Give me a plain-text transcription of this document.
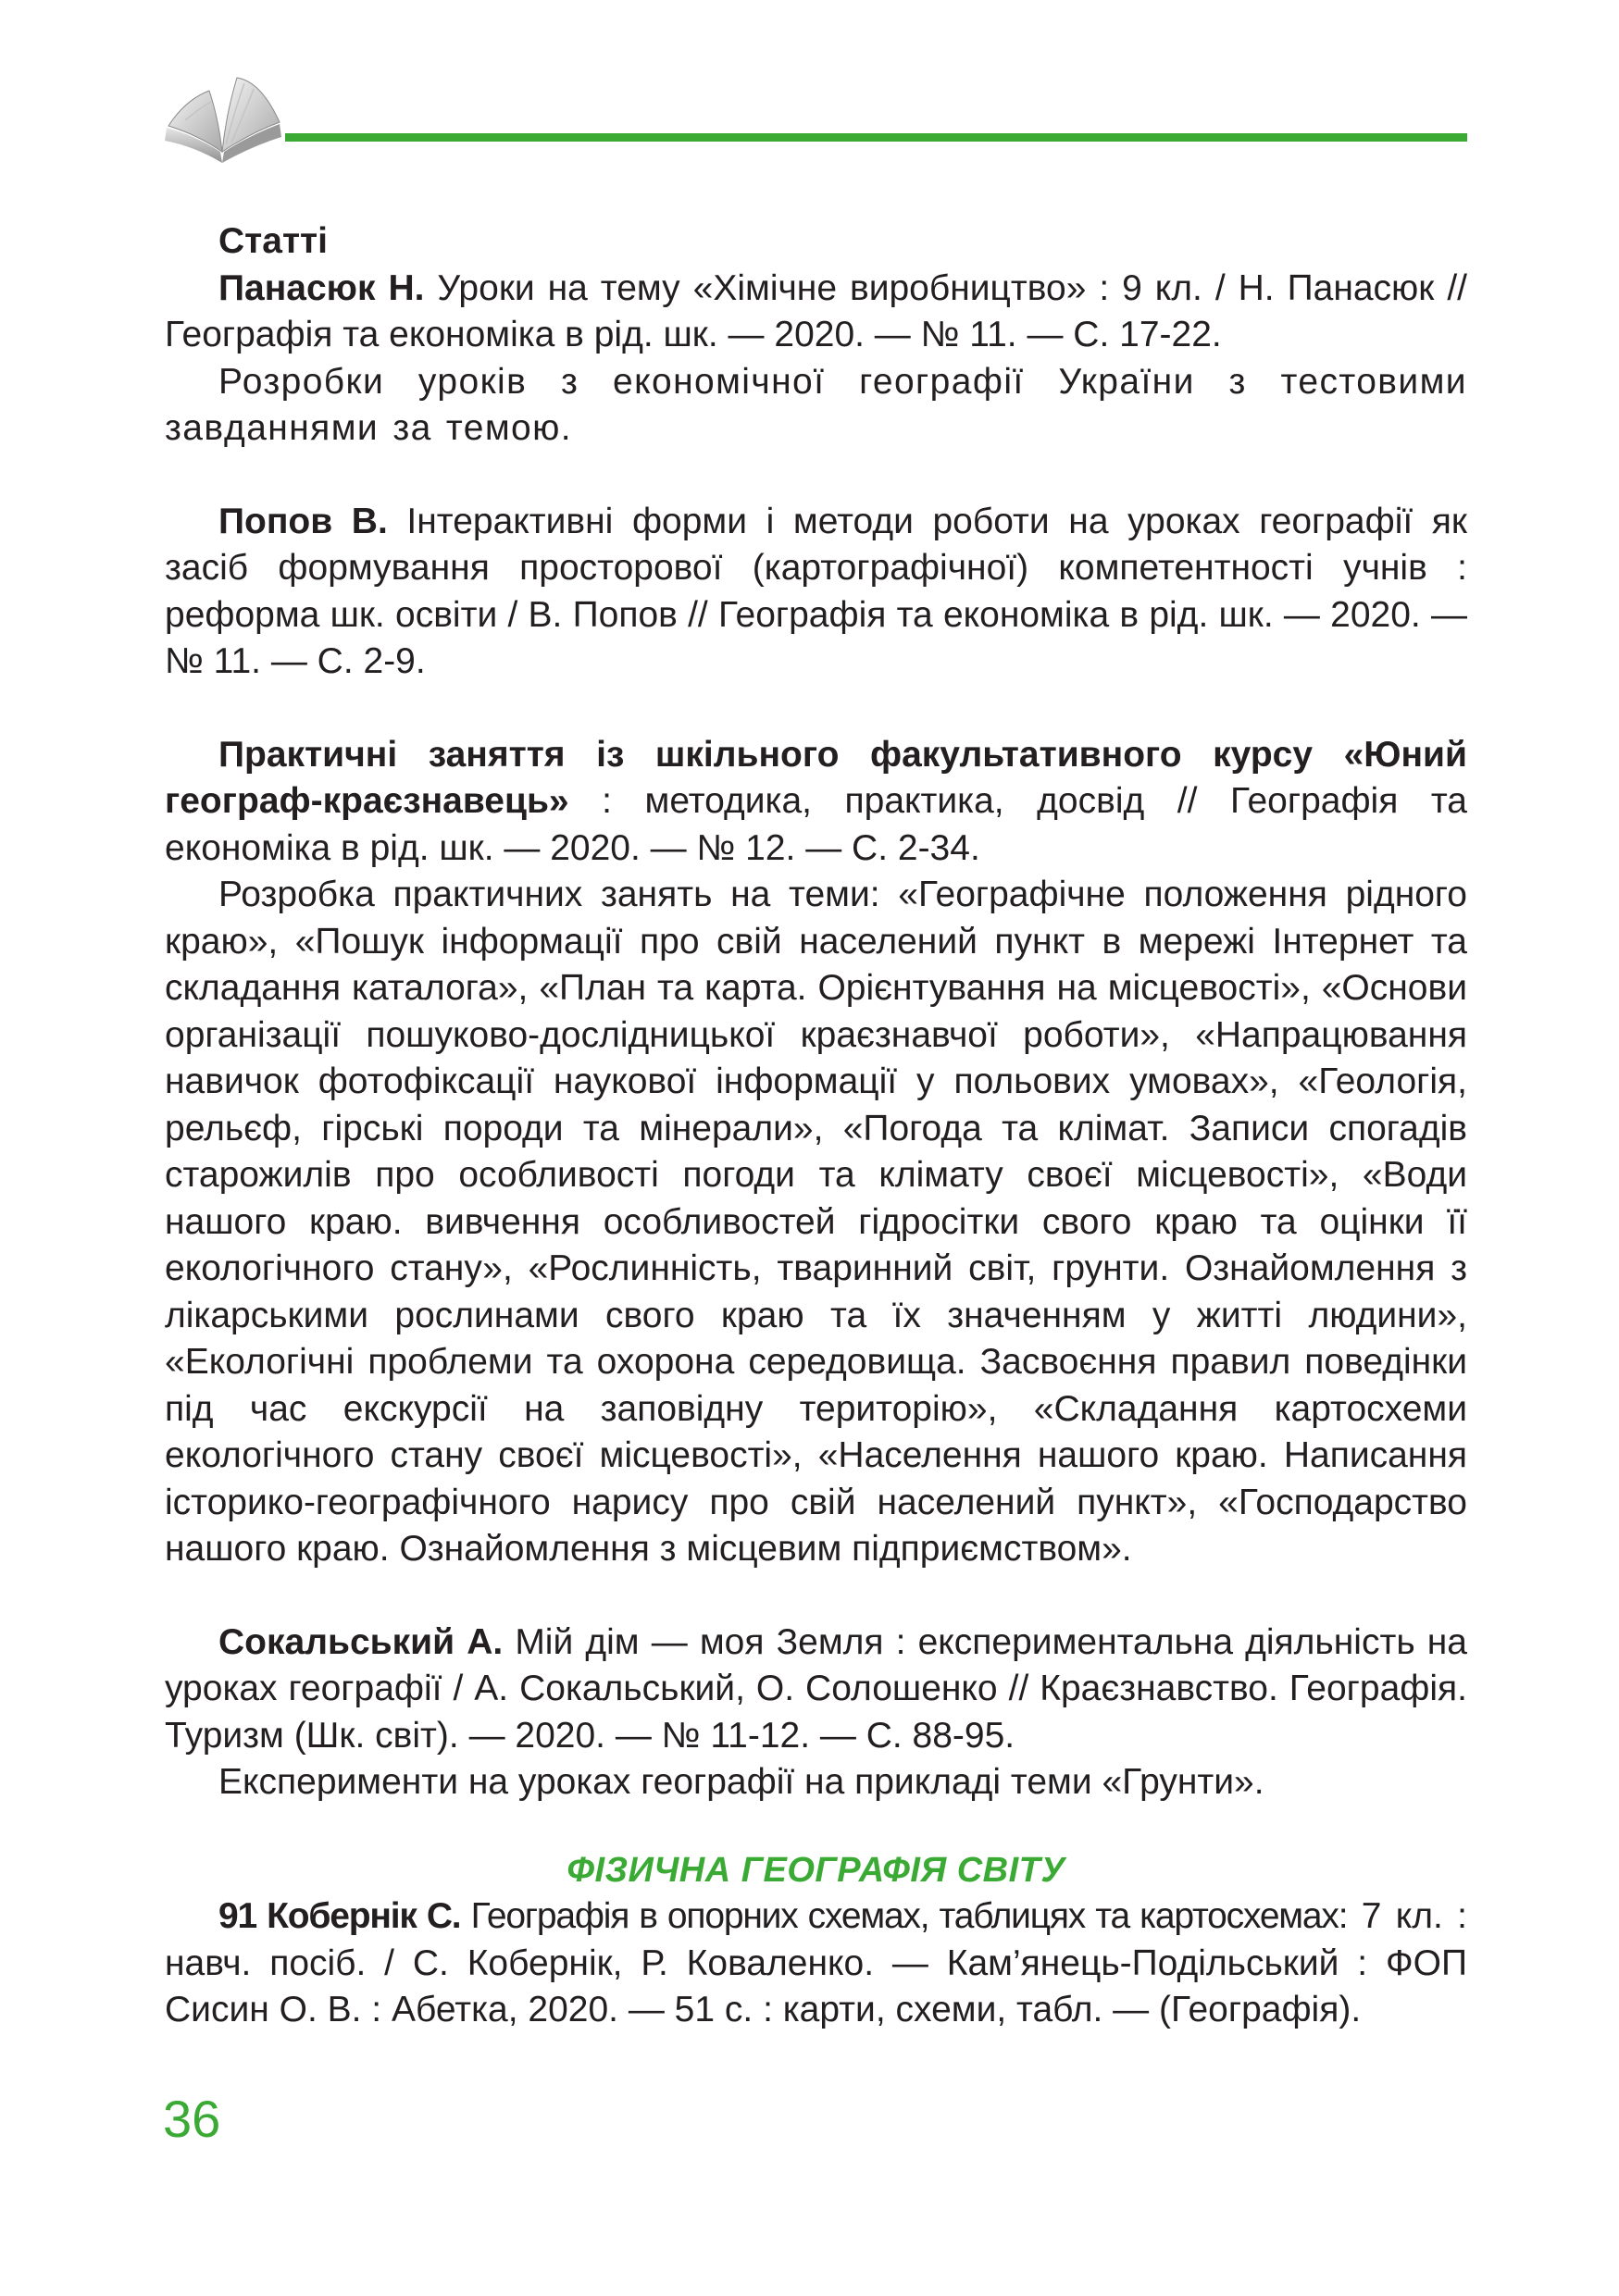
Статті

Панасюк Н. Уроки на тему «Хімічне виробництво» : 9 кл. / Н. Панасюк // Географія та економіка в рід. шк. — 2020. — № 11. — С. 17-22.

Розробки уроків з економічної географії України з тестовими завданнями за темою.

Попов В. Інтерактивні форми і методи роботи на уроках географії як засіб формування просторової (картографічної) компетентності учнів : реформа шк. освіти / В. Попов // Географія та економіка в рід. шк. — 2020. — № 11. — С. 2-9.

Практичні заняття із шкільного факультативного курсу «Юний географ-краєзнавець» : методика, практика, досвід // Географія та економіка в рід. шк. — 2020. — № 12. — С. 2-34.

Розробка практичних занять на теми: «Географічне положення рідного краю», «Пошук інформації про свій населений пункт в мережі Інтернет та складання каталога», «План та карта. Орієнтування на місцевості», «Основи організації пошуково-дослідницької краєзнавчої роботи», «Напрацювання навичок фотофіксації наукової інформації у польових умовах», «Геологія, рельєф, гірські породи та мінерали», «Погода та клімат. Записи спогадів старожилів про особливості погоди та клімату своєї місцевості», «Води нашого краю. вивчення особливостей гідросітки свого краю та оцінки її екологічного стану», «Рослинність, тваринний світ, грунти. Ознайомлення з лікарськими рослинами свого краю та їх значенням у житті людини», «Екологічні проблеми та охорона середовища. Засвоєння правил поведінки під час екскурсії на заповідну територію», «Складання картосхеми екологічного стану своєї місцевості», «Населення нашого краю. Написання історико-географічного нарису про свій населений пункт», «Господарство нашого краю. Ознайомлення з місцевим підприємством».

Сокальський А. Мій дім — моя Земля : експериментальна діяльність на уроках географії / А. Сокальський, О. Солошенко // Краєзнавство. Географія. Туризм (Шк. світ). — 2020. — № 11-12. — С. 88-95.

Експерименти на уроках географії на прикладі теми «Грунти».

ФІЗИЧНА ГЕОГРАФІЯ СВІТУ

91 Кобернік С. Географія в опорних схемах, таблицях та картосхемах: 7 кл. : навч. посіб. / С. Кобернік, Р. Коваленко. — Кам’янець-Подільський : ФОП Сисин О. В. : Абетка, 2020. — 51 с. : карти, схеми, табл. — (Географія).

36
